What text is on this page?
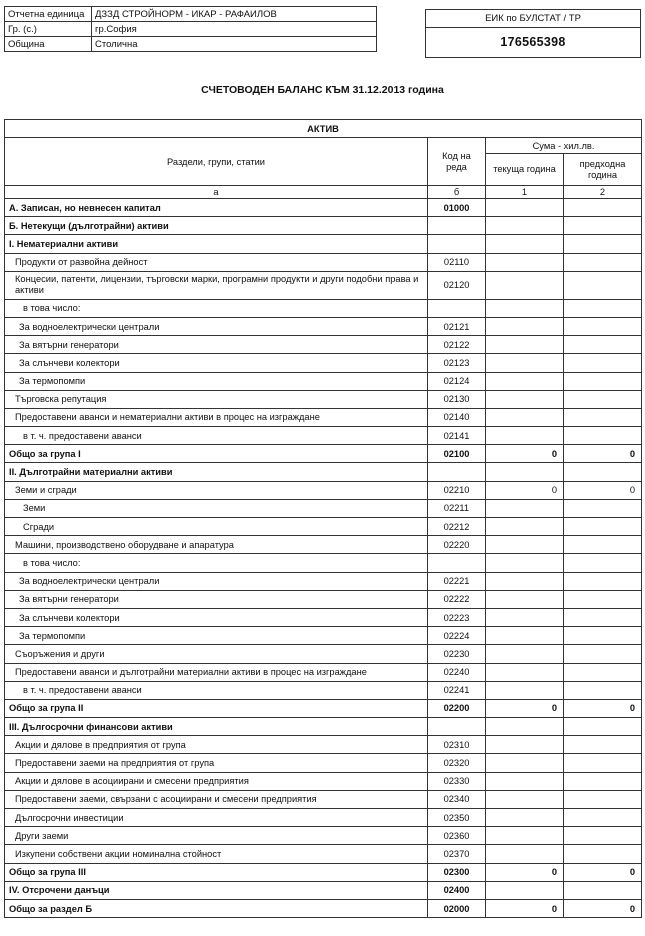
Отчетна единица	ДЗЗД СТРОЙНОРМ - ИКАР - РАФАИЛОВ
Гр. (с.)	гр.София
Община	Столична
ЕИК по БУЛСТАТ / ТР
176565398
СЧЕТОВОДЕН БАЛАНС КЪМ 31.12.2013 година
АКТИВ			
Раздели, групи, статии	Код на реда	Сума - хил.лв.	
		текуща година	предходна година
а	б	1	2
А. Записан, но невнесен капитал	01000		
Б. Нетекущи (дълготрайни) активи			
I. Нематериални активи			
Продукти от развойна дейност	02110		
Концесии, патенти, лицензии, търговски марки, програмни продукти и други подобни права и активи	02120		
в това число:			
За водноелектрически централи	02121		
За вятърни генератори	02122		
За слънчеви колектори	02123		
За термопомпи	02124		
Търговска репутация	02130		
Предоставени аванси и нематериални активи в процес на изграждане	02140		
в т. ч. предоставени аванси	02141		
Общо за група I	02100	0	0
II. Дълготрайни материални активи			
Земи и сгради	02210	0	0
Земи	02211		
Сгради	02212		
Машини, производствено оборудване и апаратура	02220		
в това число:			
За водноелектрически централи	02221		
За вятърни генератори	02222		
За слънчеви колектори	02223		
За термопомпи	02224		
Съоръжения и други	02230		
Предоставени аванси и дълготрайни материални активи в процес на изграждане	02240		
в т. ч. предоставени аванси	02241		
Общо за група II	02200	0	0
III. Дългосрочни финансови активи			
Акции и дялове в предприятия от група	02310		
Предоставени заеми на предприятия от група	02320		
Акции и дялове в асоциирани и смесени предприятия	02330		
Предоставени заеми, свързани с асоциирани и смесени предприятия	02340		
Дългосрочни инвестиции	02350		
Други заеми	02360		
Изкупени собствени акции номинална стойност	02370		
Общо за група III	02300	0	0
IV. Отсрочени данъци	02400		
Общо за раздел Б	02000	0	0
